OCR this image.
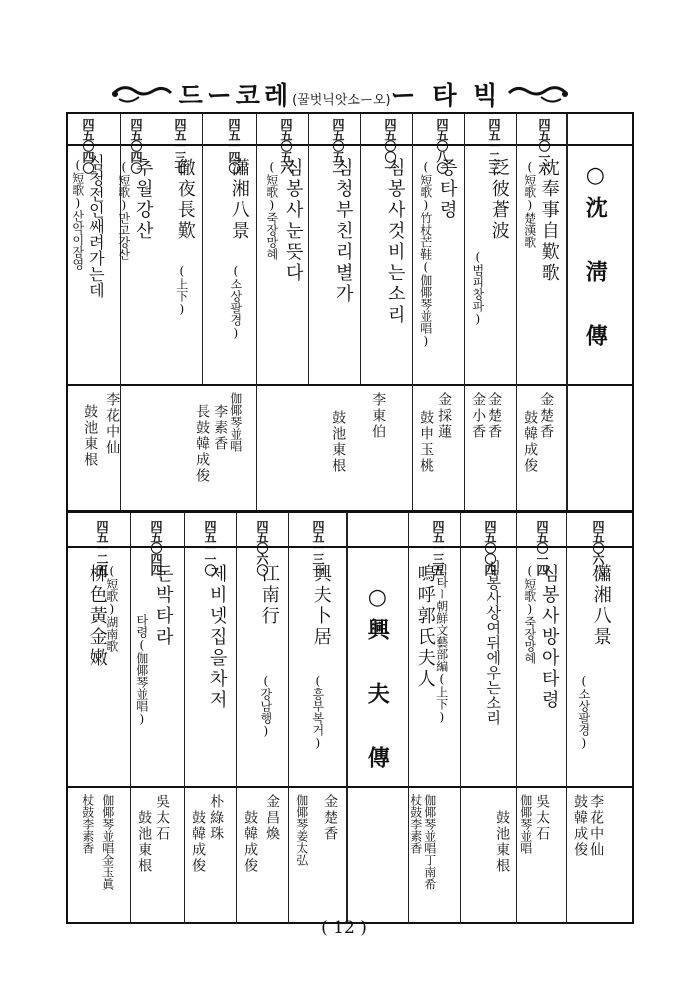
드ー코레(꿀벗닉앗소ー오)ー 타 빅
○沈 淸 傳
四五〇一六
沈奉事自歎歌
(短歌)楚漢歌
金楚香
鼓韓成俊
四五一二三
泛彼蒼波
(범피창파)
金楚香
金小香
四五〇八〇
증타령
(短歌)竹杖芒鞋(伽倻琴並唱)
金採蓮
鼓申玉桃
四五〇〇一
심봉사것비는소리
李東伯
鼓池東根
四五〇五二
심청부친리별가
四五〇五六
심봉사눈뜻다
(短歌)죽장망혜
伽倻琴並唱
李素香
長鼓韓成俊
四五一四〇
瀟湘八景
(소상팔경)
四五一三七
徹夜長歎
(上下)
四五〇四〇
추월강산
(短歌)만고강산
李花中仙
鼓池東根
四五〇四〇
심청전인쌔려가는데
(短歌)산악이잠영
四五〇六八
瀟湘八景
(소상팔경)
李花中仙
鼓韓成俊
四五〇一四
심봉사방아타령
(短歌)죽장망혜
吳太石
鼓池東根
四五〇〇四
심봉사상여뒤에우는소리
伽倻琴並唱
四五一三五
鳴呼郭氏夫人 빅타ー朝鮮文藝部編(上下)
伽倻琴並唱丁南希
杖鼓李素香
○興 夫 傳
四五一三一
興夫卜居
(흥부복거)
金楚香
伽倻琴姜太弘
四五〇六〇
江南行
(강남행)
金昌煥
鼓韓成俊
四五一一〇
제비넷집을차저
朴綠珠
鼓韓成俊
四五〇四四
돈박타라
타령(伽倻琴並唱)
吳太石
鼓池東根
四五一二五
柳色黃金嫩
(短歌)湖南歌
伽倻琴並唱金玉眞
杖鼓李素香
( 12 )
